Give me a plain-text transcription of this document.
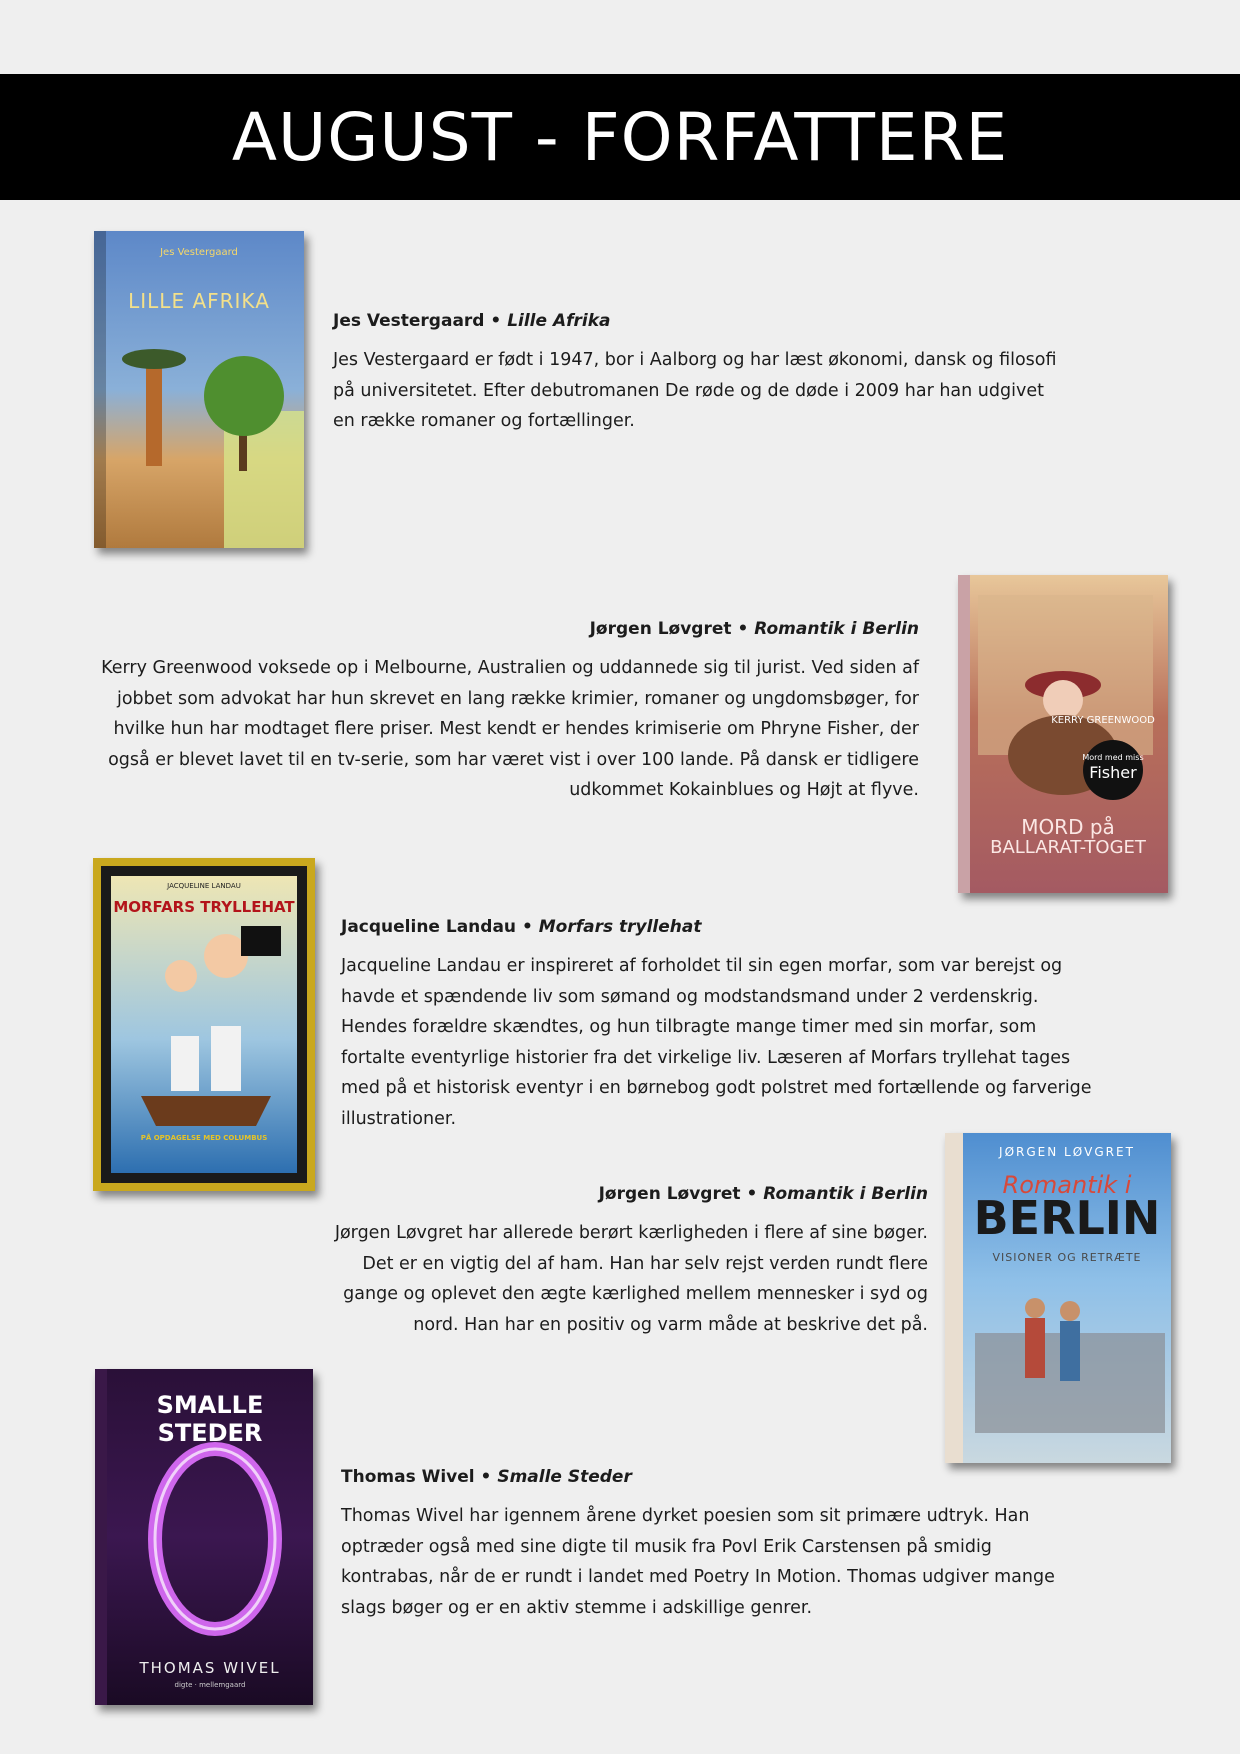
AUGUST - FORFATTERE
Jes Vestergaard
LILLE AFRIKA
Jes Vestergaard • Lille Afrika

Jes Vestergaard er født i 1947, bor i Aalborg og har læst økonomi, dansk og filosofi på universitetet. Efter debutromanen De røde og de døde i 2009 har han udgivet en række romaner og fortællinger.

KERRY GREENWOOD
Mord med miss
Fisher
MORD på
BALLARAT-TOGET
Jørgen Løvgret • Romantik i Berlin

Kerry Greenwood voksede op i Melbourne, Australien og uddannede sig til jurist. Ved siden af jobbet som advokat har hun skrevet en lang række krimier, romaner og ungdomsbøger, for hvilke hun har modtaget flere priser. Mest kendt er hendes krimiserie om Phryne Fisher, der også er blevet lavet til en tv-serie, som har været vist i over 100 lande. På dansk er tidligere udkommet Kokainblues og Højt at flyve.

JACQUELINE LANDAU
MORFARS TRYLLEHAT
PÅ OPDAGELSE MED COLUMBUS
Jacqueline Landau • Morfars tryllehat

Jacqueline Landau er inspireret af forholdet til sin egen morfar, som var berejst og havde et spændende liv som sømand og modstandsmand under 2 verdenskrig. Hendes forældre skændtes, og hun tilbragte mange timer med sin morfar, som fortalte eventyrlige historier fra det virkelige liv. Læseren af Morfars tryllehat tages med på et historisk eventyr i en børnebog godt polstret med fortællende og farverige illustrationer.

JØRGEN LØVGRET
Romantik i
BERLIN
VISIONER OG RETRÆTE
Jørgen Løvgret • Romantik i Berlin

Jørgen Løvgret har allerede berørt kærligheden i flere af sine bøger. Det er en vigtig del af ham. Han har selv rejst verden rundt flere gange og oplevet den ægte kærlighed mellem mennesker i syd og nord. Han har en positiv og varm måde at beskrive det på.

SMALLE STEDER
THOMAS WIVEL
digte · mellemgaard
Thomas Wivel • Smalle Steder

Thomas Wivel har igennem årene dyrket poesien som sit primære udtryk. Han optræder også med sine digte til musik fra Povl Erik Carstensen på smidig kontrabas, når de er rundt i landet med Poetry In Motion. Thomas udgiver mange slags bøger og er en aktiv stemme i adskillige genrer.
